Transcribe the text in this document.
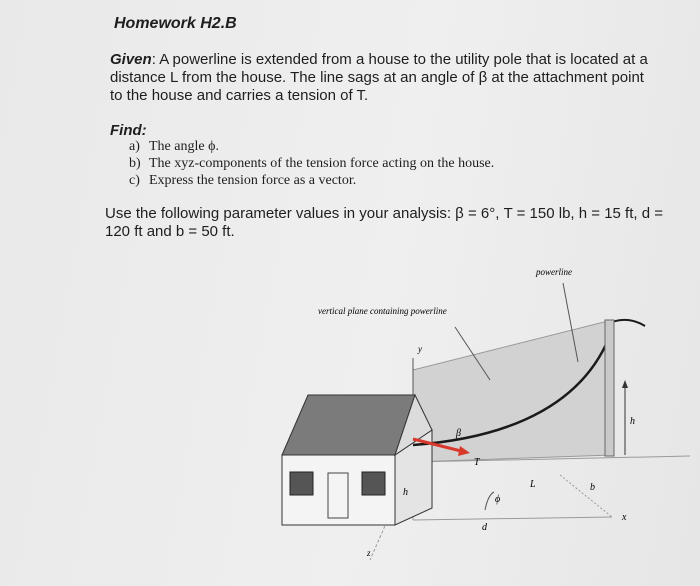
Homework H2.B
Given: A powerline is extended from a house to the utility pole that is located at a distance L from the house. The line sags at an angle of β at the attachment point to the house and carries a tension of T.
Find:
a) The angle ϕ.
b) The xyz-components of the tension force acting on the house.
c) Express the tension force as a vector.
Use the following parameter values in your analysis: β = 6°, T = 150 lb, h = 15 ft, d = 120 ft and b = 50 ft.
powerline
vertical plane containing powerline
y
β
T
ϕ
d
L	b
x
h
h
z
